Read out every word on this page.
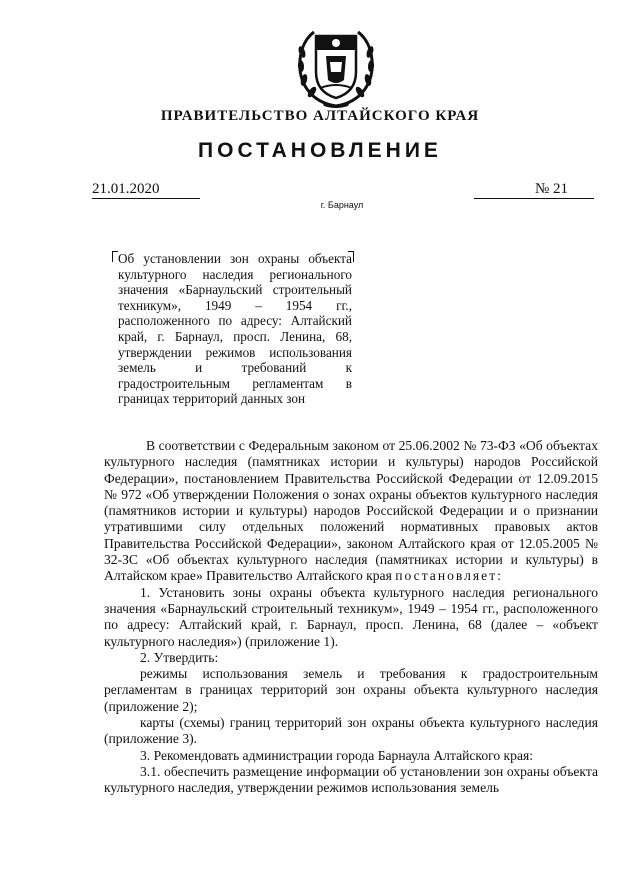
ПРАВИТЕЛЬСТВО АЛТАЙСКОГО КРАЯ
ПОСТАНОВЛЕНИЕ
21.01.2020	№ 21
г. Барнаул
Об установлении зон охраны объекта культурного наследия регионального значения «Барнаульский строительный техникум», 1949 – 1954 гг., расположенного по адресу: Алтайский край, г. Барнаул, просп. Ленина, 68, утверждении режимов использования земель и требований к градостроительным регламентам в границах территорий данных зон

В соответствии с Федеральным законом от 25.06.2002 № 73-ФЗ «Об объектах культурного наследия (памятниках истории и культуры) народов Российской Федерации», постановлением Правительства Российской Федерации от 12.09.2015 № 972 «Об утверждении Положения о зонах охраны объектов культурного наследия (памятников истории и культуры) народов Российской Федерации и о признании утратившими силу отдельных положений нормативных правовых актов Правительства Российской Федерации», законом Алтайского края от 12.05.2005 № 32-ЗС «Об объектах культурного наследия (памятниках истории и культуры) в Алтайском крае» Правительство Алтайского края постановляет:

1. Установить зоны охраны объекта культурного наследия регионального значения «Барнаульский строительный техникум», 1949 – 1954 гг., расположенного по адресу: Алтайский край, г. Барнаул, просп. Ленина, 68 (далее – «объект культурного наследия») (приложение 1).

2. Утвердить:

режимы использования земель и требования к градостроительным регламентам в границах территорий зон охраны объекта культурного наследия (приложение 2);

карты (схемы) границ территорий зон охраны объекта культурного наследия (приложение 3).

3. Рекомендовать администрации города Барнаула Алтайского края:

3.1. обеспечить размещение информации об установлении зон охраны объекта культурного наследия, утверждении режимов использования земель
